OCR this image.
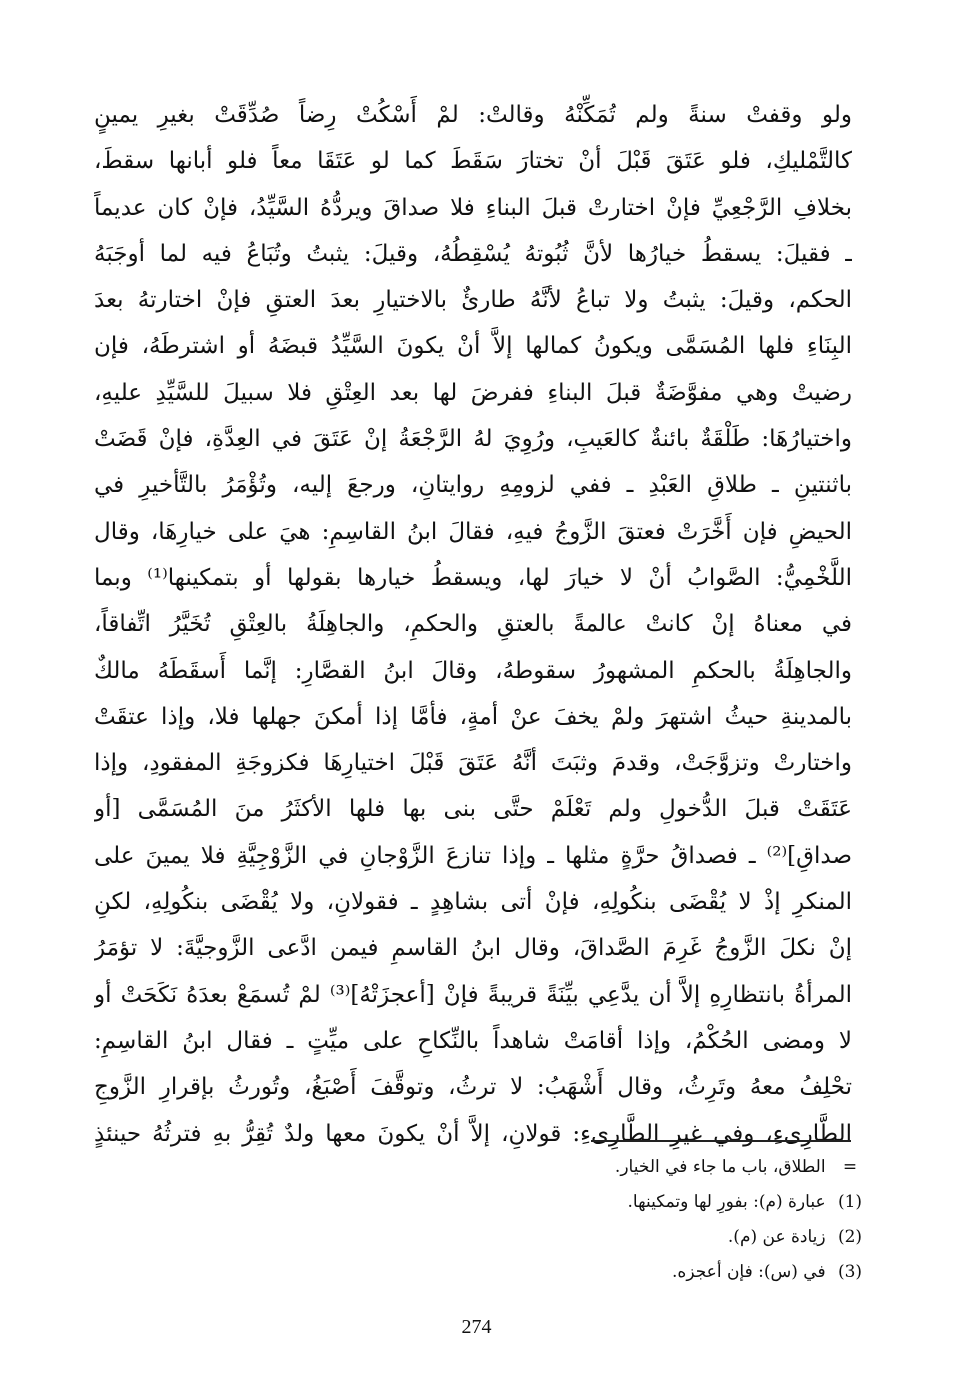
ولو وقفتْ سنةً ولم تُمَكِّنْهُ وقالتْ: لمْ أَسْكُتْ رِضاً صُدِّقَتْ بغيرِ يمينٍ
كالتَّمْليكِ، فلو عَتَقَ قَبْلَ أنْ تختارَ سَقَطَ كما لو عَتَقَا معاً فلو أبانها سقطَ،
بخلافِ الرَّجْعِيِّ فإنْ اختارتْ قبلَ البناءِ فلا صداقَ ويردُّهُ السَّيِّدُ، فإنْ كان عديماً
ـ فقيلَ: يسقطُ خيارُها لأنَّ ثُبُوتهُ يُسْقِطُهُ، وقيلَ: يثبتُ وتُبَاعُ فيه لما أوجَبَهُ
الحكم، وقيلَ: يثبتُ ولا تباعُ لأنَّهُ طارئٌ بالاختيارِ بعدَ العتقِ فإنْ اختارتهُ بعدَ
البِنَاءِ فلها المُسَمَّى ويكونُ كمالها إلاَّ أنْ يكونَ السَّيِّدُ قبضَهُ أو اشترطَهُ، فإن
رضيتْ وهي مفوَّضَةٌ قبلَ البناءِ ففرضَ لها بعد العِتْقِ فلا سبيلَ للسَّيِّدِ عليهِ،
واختيارُهَا: طَلْقَةٌ بائنةٌ كالعَيبِ، ورُوِيَ لهُ الرَّجْعَةُ إنْ عَتَقَ في العِدَّةِ، فإنْ قَضَتْ
باثنتينِ ـ طلاقِ العَبْدِ ـ ففي لزومِهِ روايتانِ، ورجعَ إليه، وتُؤْمَرُ بالتَّأخيرِ في
الحيضِ فإن أَخَّرَتْ فعتقَ الزَّوجُ فيهِ، فقالَ ابنُ القاسِمِ: هيَ على خيارِهَا، وقال
اللَّخْمِيُّ: الصَّوابُ أنْ لا خيارَ لها، ويسقطُ خيارها بقولها أو بتمكينها⁽¹⁾ وبما
في معناهُ إنْ كانتْ عالمةً بالعتقِ والحكمِ، والجاهِلَةُ بالعِتْقِ تُخَيَّرُ اتِّفاقاً،
والجاهِلَةُ بالحكمِ المشهورُ سقوطهُ، وقالَ ابنُ القصَّارِ: إنَّما أَسقَطَهُ مالكٌ
بالمدينةِ حيثُ اشتهرَ ولمْ يخفَ عنْ أمةٍ، فأمَّا إذا أمكنَ جهلها فلا، وإذا عتقَتْ
واختارتْ وتزوَّجَتْ، وقدمَ وثبَتَ أنَّهُ عَتَقَ قَبْلَ اختيارِهَا فكزوجَةِ المفقودِ، وإذا
عَتَقَتْ قبلَ الدُّخولِ ولم تَعْلَمْ حتَّى بنى بها فلها الأكثَرُ منَ المُسَمَّى [أو
صداقِ]⁽²⁾ ـ فصداقُ حرَّةٍ مثلها ـ وإذا تنازعَ الزَّوْجانِ في الزَّوْجِيَّةِ فلا يمينَ على
المنكرِ إذْ لا يُقْضَى بنكُولِهِ، فإنْ أتى بشاهِدٍ ـ فقولانِ، ولا يُقْضَى بنكُولِهِ، لكنِ
إنْ نكلَ الزَّوجُ غَرِمَ الصَّداقَ، وقال ابنُ القاسمِ فيمن ادَّعى الزَّوجيَّةَ: لا تؤمَرُ
المرأةُ بانتظارِهِ إلاَّ أن يدَّعِي بيِّنَةً قريبةً فإنْ [أعجزَتْهُ]⁽³⁾ لمْ تُسمَعْ بعدَهُ نَكَحَتْ أو
لا ومضى الحُكْمُ، وإذا أقامَتْ شاهداً بالنِّكاحِ على ميِّتٍ ـ فقال ابنُ القاسِمِ:
تحْلِفُ معهُ وتَرِثُ، وقال أَشْهَبُ: لا ترثُ، وتوقَّفَ أَصْبَغُ، وتُورثُ بإقرارِ الزَّوجِ
الطَّارِىءِ، وفي غيرِ الطَّارِىءِ: قولانِ، إلاَّ أنْ يكونَ معها ولدٌ تُقِرُّ بهِ فترثُهُ حينئذٍ
= الطلاق، باب ما جاء في الخيار.
(1) عبارة (م): بفورِ لها وتمكينها.
(2) زيادة عن (م).
(3) في (س): فإن أعجزه.
274
